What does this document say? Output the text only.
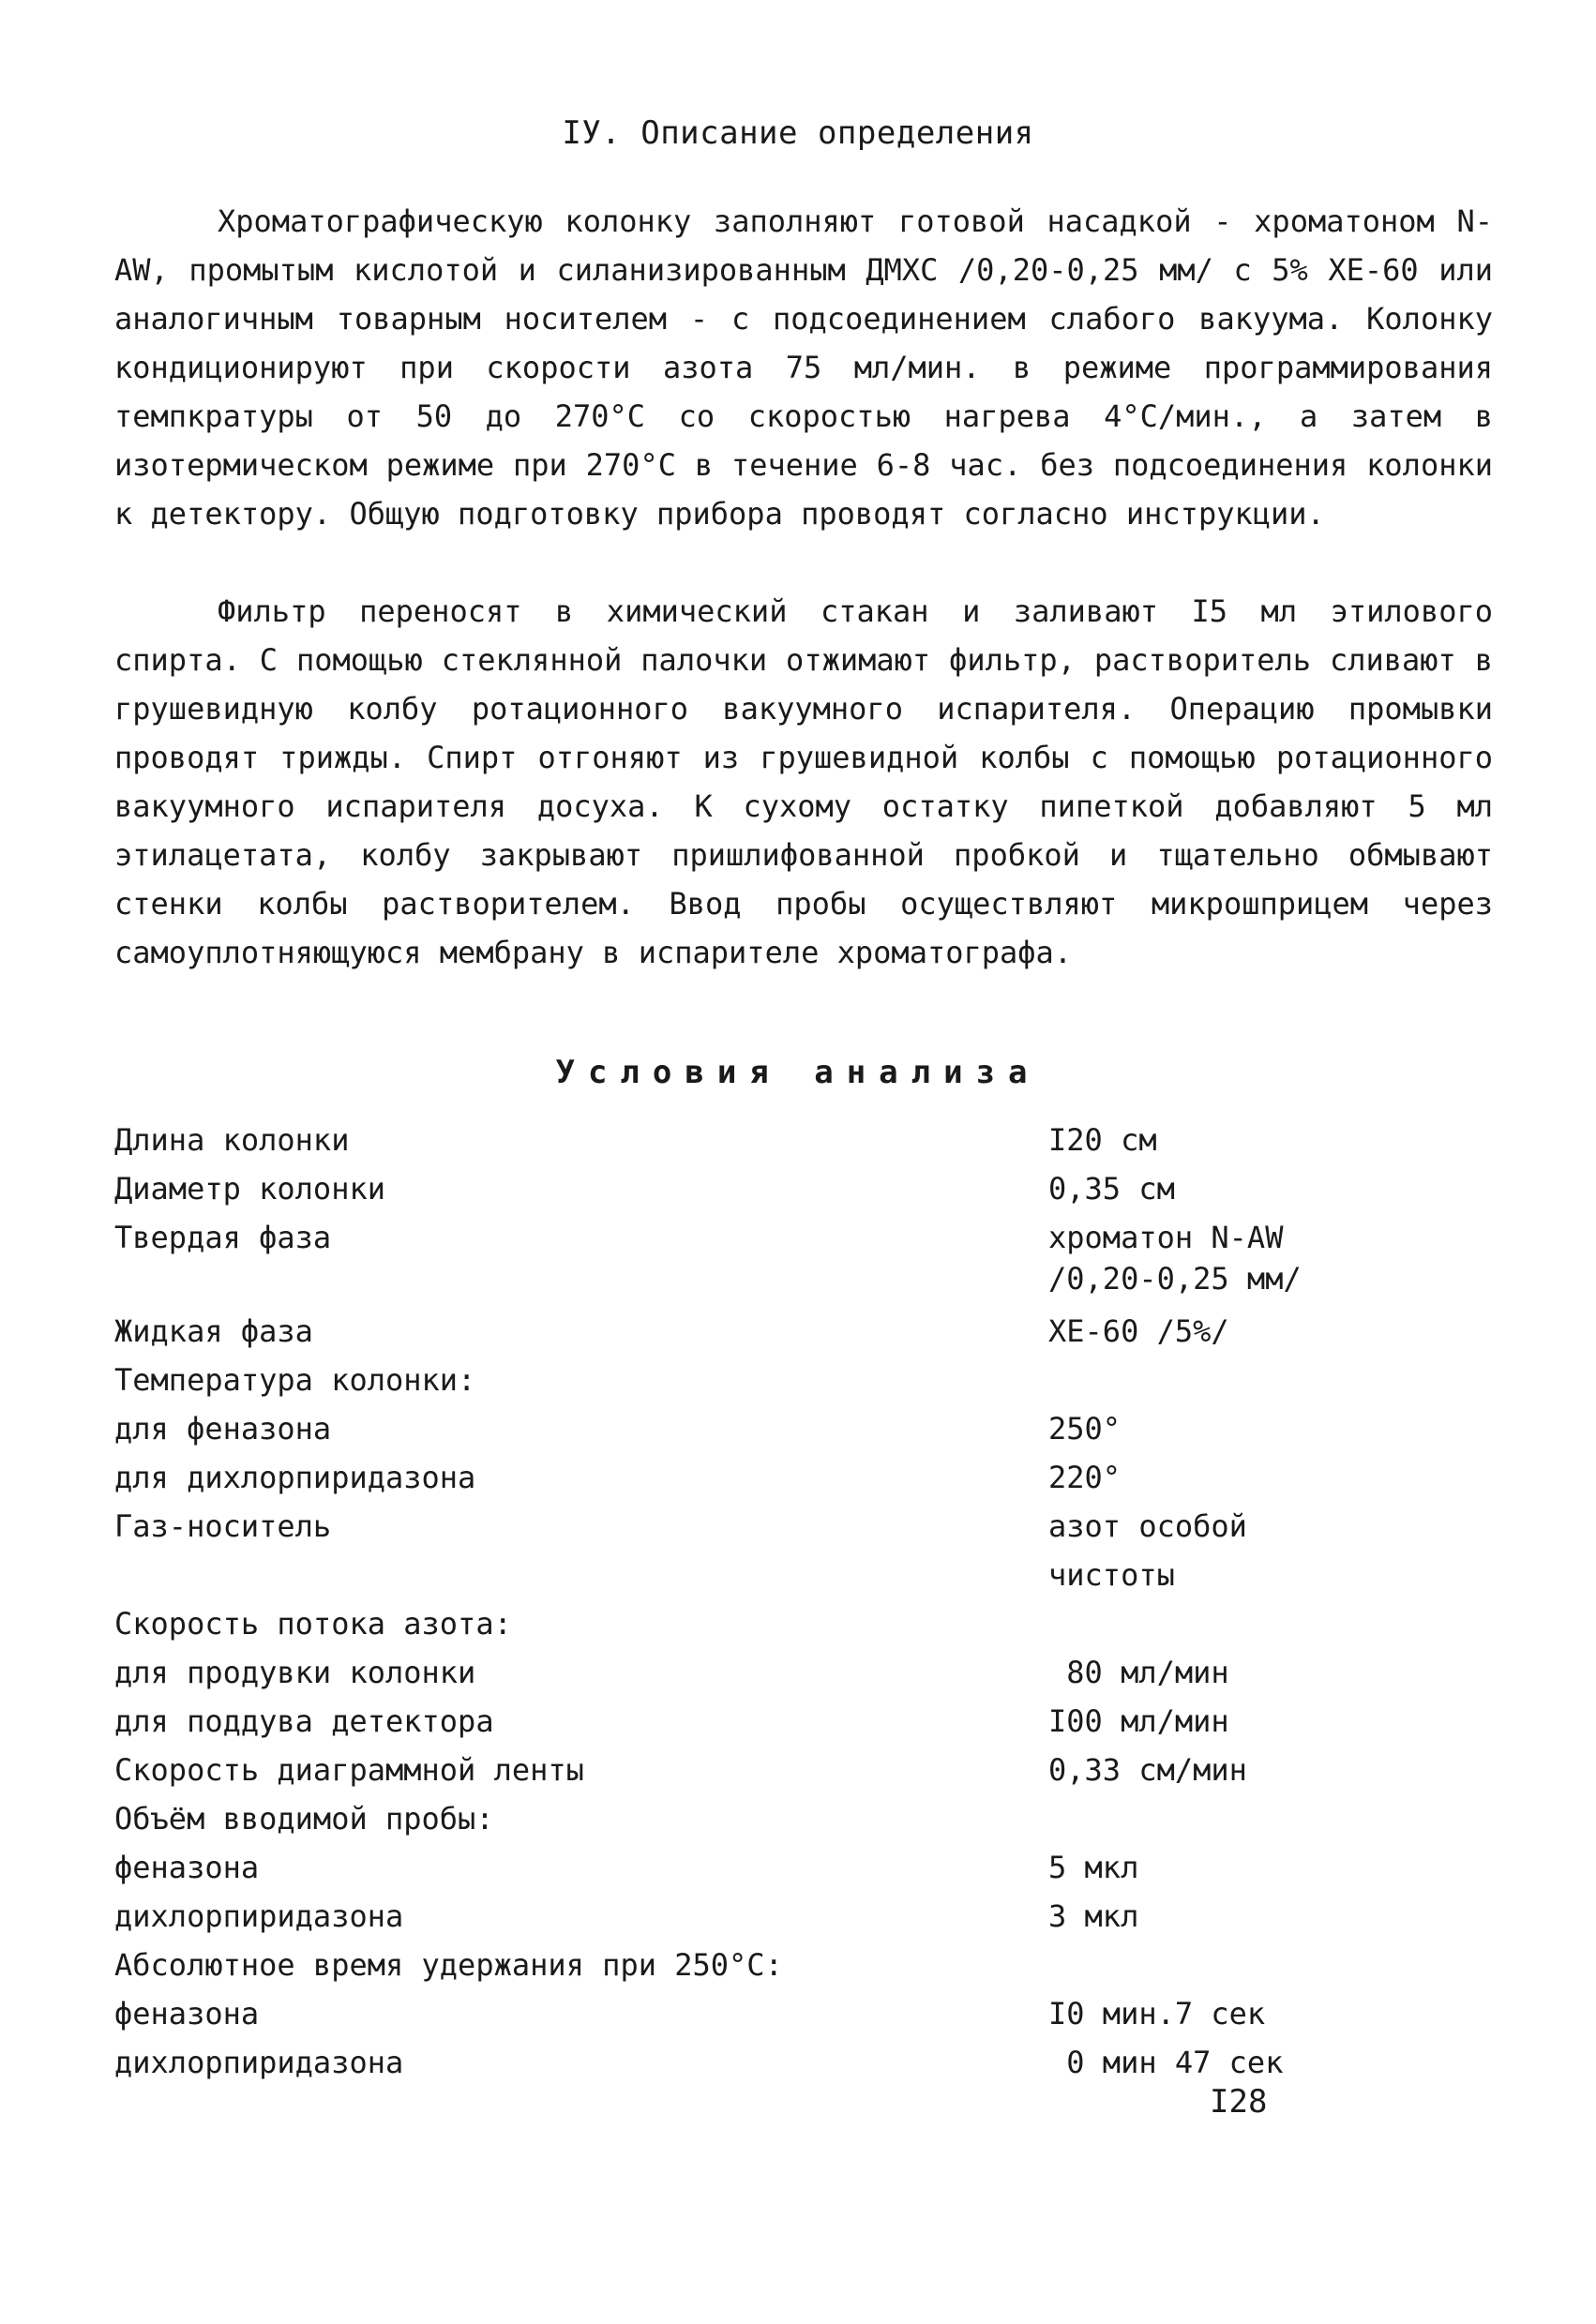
IУ. Описание определения

Хроматографическую колонку заполняют готовой насадкой - хроматоном N-AW, промытым кислотой и силанизированным ДМХС /0,20-0,25 мм/ с 5% ХЕ-60 или аналогичным товарным носителем - с подсоединением слабого вакуума. Колонку кондиционируют при скорости азота 75 мл/мин. в режиме программирования темпкратуры от 50 до 270°С со скоростью нагрева 4°С/мин., а затем в изотермическом режиме при 270°С в течение 6-8 час. без подсоединения колонки к детектору. Общую подготовку прибора проводят согласно инструкции.

Фильтр переносят в химический стакан и заливают I5 мл этилового спирта. С помощью стеклянной палочки отжимают фильтр, растворитель сливают в грушевидную колбу ротационного вакуумного испарителя. Операцию промывки проводят трижды. Спирт отгоняют из грушевидной колбы с помощью ротационного вакуумного испарителя досуха. К сухому остатку пипеткой добавляют 5 мл этилацетата, колбу закрывают пришлифованной пробкой и тщательно обмывают стенки колбы растворителем. Ввод пробы осуществляют микрошприцем через самоуплотняющуюся мембрану в испарителе хроматографа.

Условия анализа
Длина колонки	I20 см
Диаметр колонки	0,35 см
Твердая фаза	хроматон N-AW
/0,20-0,25 мм/
Жидкая фаза	ХЕ-60 /5%/
Температура колонки:
для феназона	250°
для дихлорпиридазона	220°
Газ-носитель	азот особой чистоты
Скорость потока азота:
для продувки колонки	80 мл/мин
для поддува детектора	I00 мл/мин
Скорость диаграммной ленты	0,33 см/мин
Объём вводимой пробы:
феназона	5 мкл
дихлорпиридазона	3 мкл
Абсолютное время удержания при 250°С:
феназона	I0 мин.7 сек
дихлорпиридазона	0 мин 47 сек
I28
